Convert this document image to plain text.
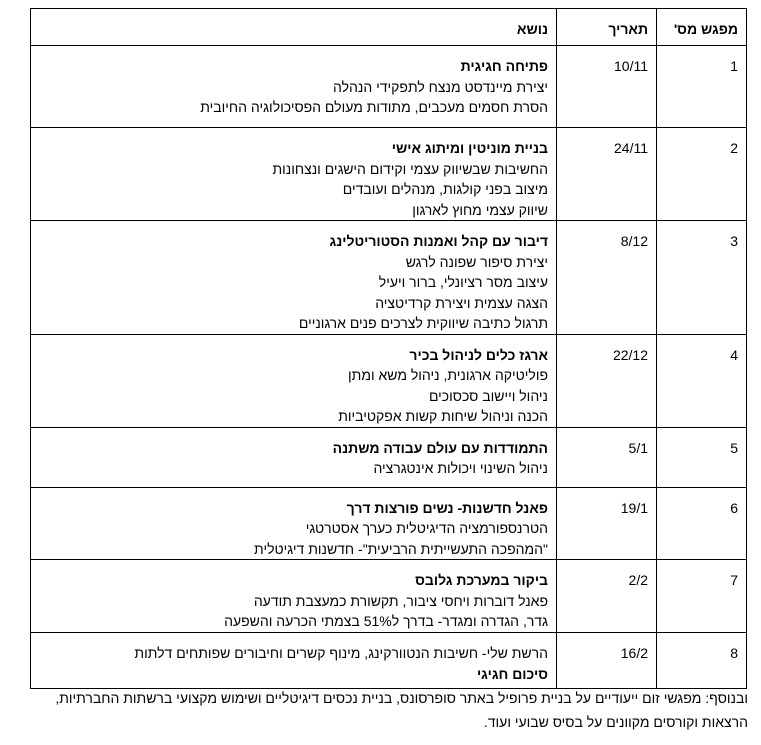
מפגש מס'	תאריך	נושא
1	10/11	פתיחה חגיגית
יצירת מיינדסט מנצח לתפקידי הנהלה
הסרת חסמים מעכבים, מתודות מעולם הפסיכולוגיה החיובית

2	24/11	בניית מוניטין ומיתוג אישי
החשיבות שבשיווק עצמי וקידום הישגים ונצחונות
מיצוב בפני קולגות, מנהלים ועובדים
שיווק עצמי מחוץ לארגון

3	8/12	דיבור עם קהל ואמנות הסטוריטלינג
יצירת סיפור שפונה לרגש
עיצוב מסר רציונלי, ברור ויעיל
הצגה עצמית ויצירת קרדיטציה
תרגול כתיבה שיווקית לצרכים פנים ארגוניים

4	22/12	ארגז כלים לניהול בכיר
פוליטיקה ארגונית, ניהול משא ומתן
ניהול ויישוב סכסוכים
הכנה וניהול שיחות קשות אפקטיביות

5	5/1	התמודדות עם עולם עבודה משתנה
ניהול השינוי ויכולות אינטגרציה

6	19/1	פאנל חדשנות- נשים פורצות דרך
הטרנספורמציה הדיגיטלית כערך אסטרטגי
"המהפכה התעשייתית הרביעית"- חדשנות דיגיטלית

7	2/2	ביקור במערכת גלובס
פאנל דוברות ויחסי ציבור, תקשורת כמעצבת תודעה
גדר, הגדרה ומגדר- בדרך ל51% בצמתי הכרעה והשפעה

8	16/2	הרשת שלי- חשיבות הנטוורקינג, מינוף קשרים וחיבורים שפותחים דלתות
סיכום חגיגי
ובנוסף: מפגשי זום ייעודיים על בניית פרופיל באתר סופרסונס, בניית נכסים דיגיטליים ושימוש מקצועי ברשתות החברתיות, הרצאות וקורסים מקוונים על בסיס שבועי ועוד.
